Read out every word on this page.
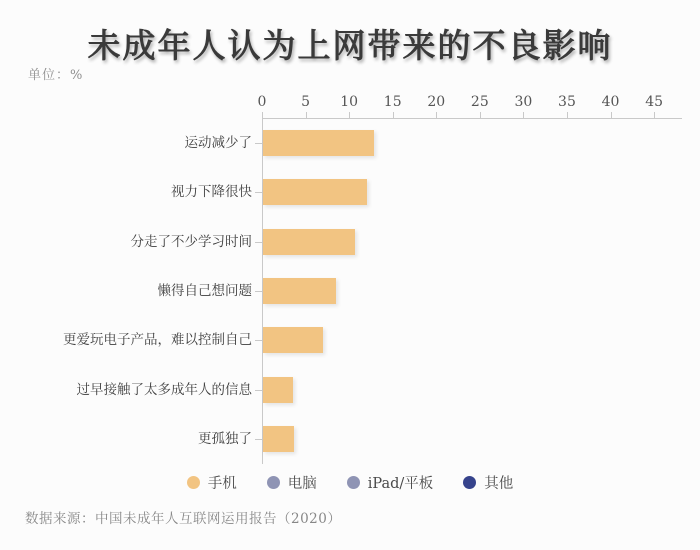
未成年人认为上网带来的不良影响
单位：%
0 5 10 15 20 25 30 35 40 45
运动减少了
视力下降很快
分走了不少学习时间
懒得自己想问题
更爱玩电子产品，难以控制自己
过早接触了太多成年人的信息
更孤独了
手机	电脑	iPad/平板	其他
数据来源：中国未成年人互联网运用报告（2020）
